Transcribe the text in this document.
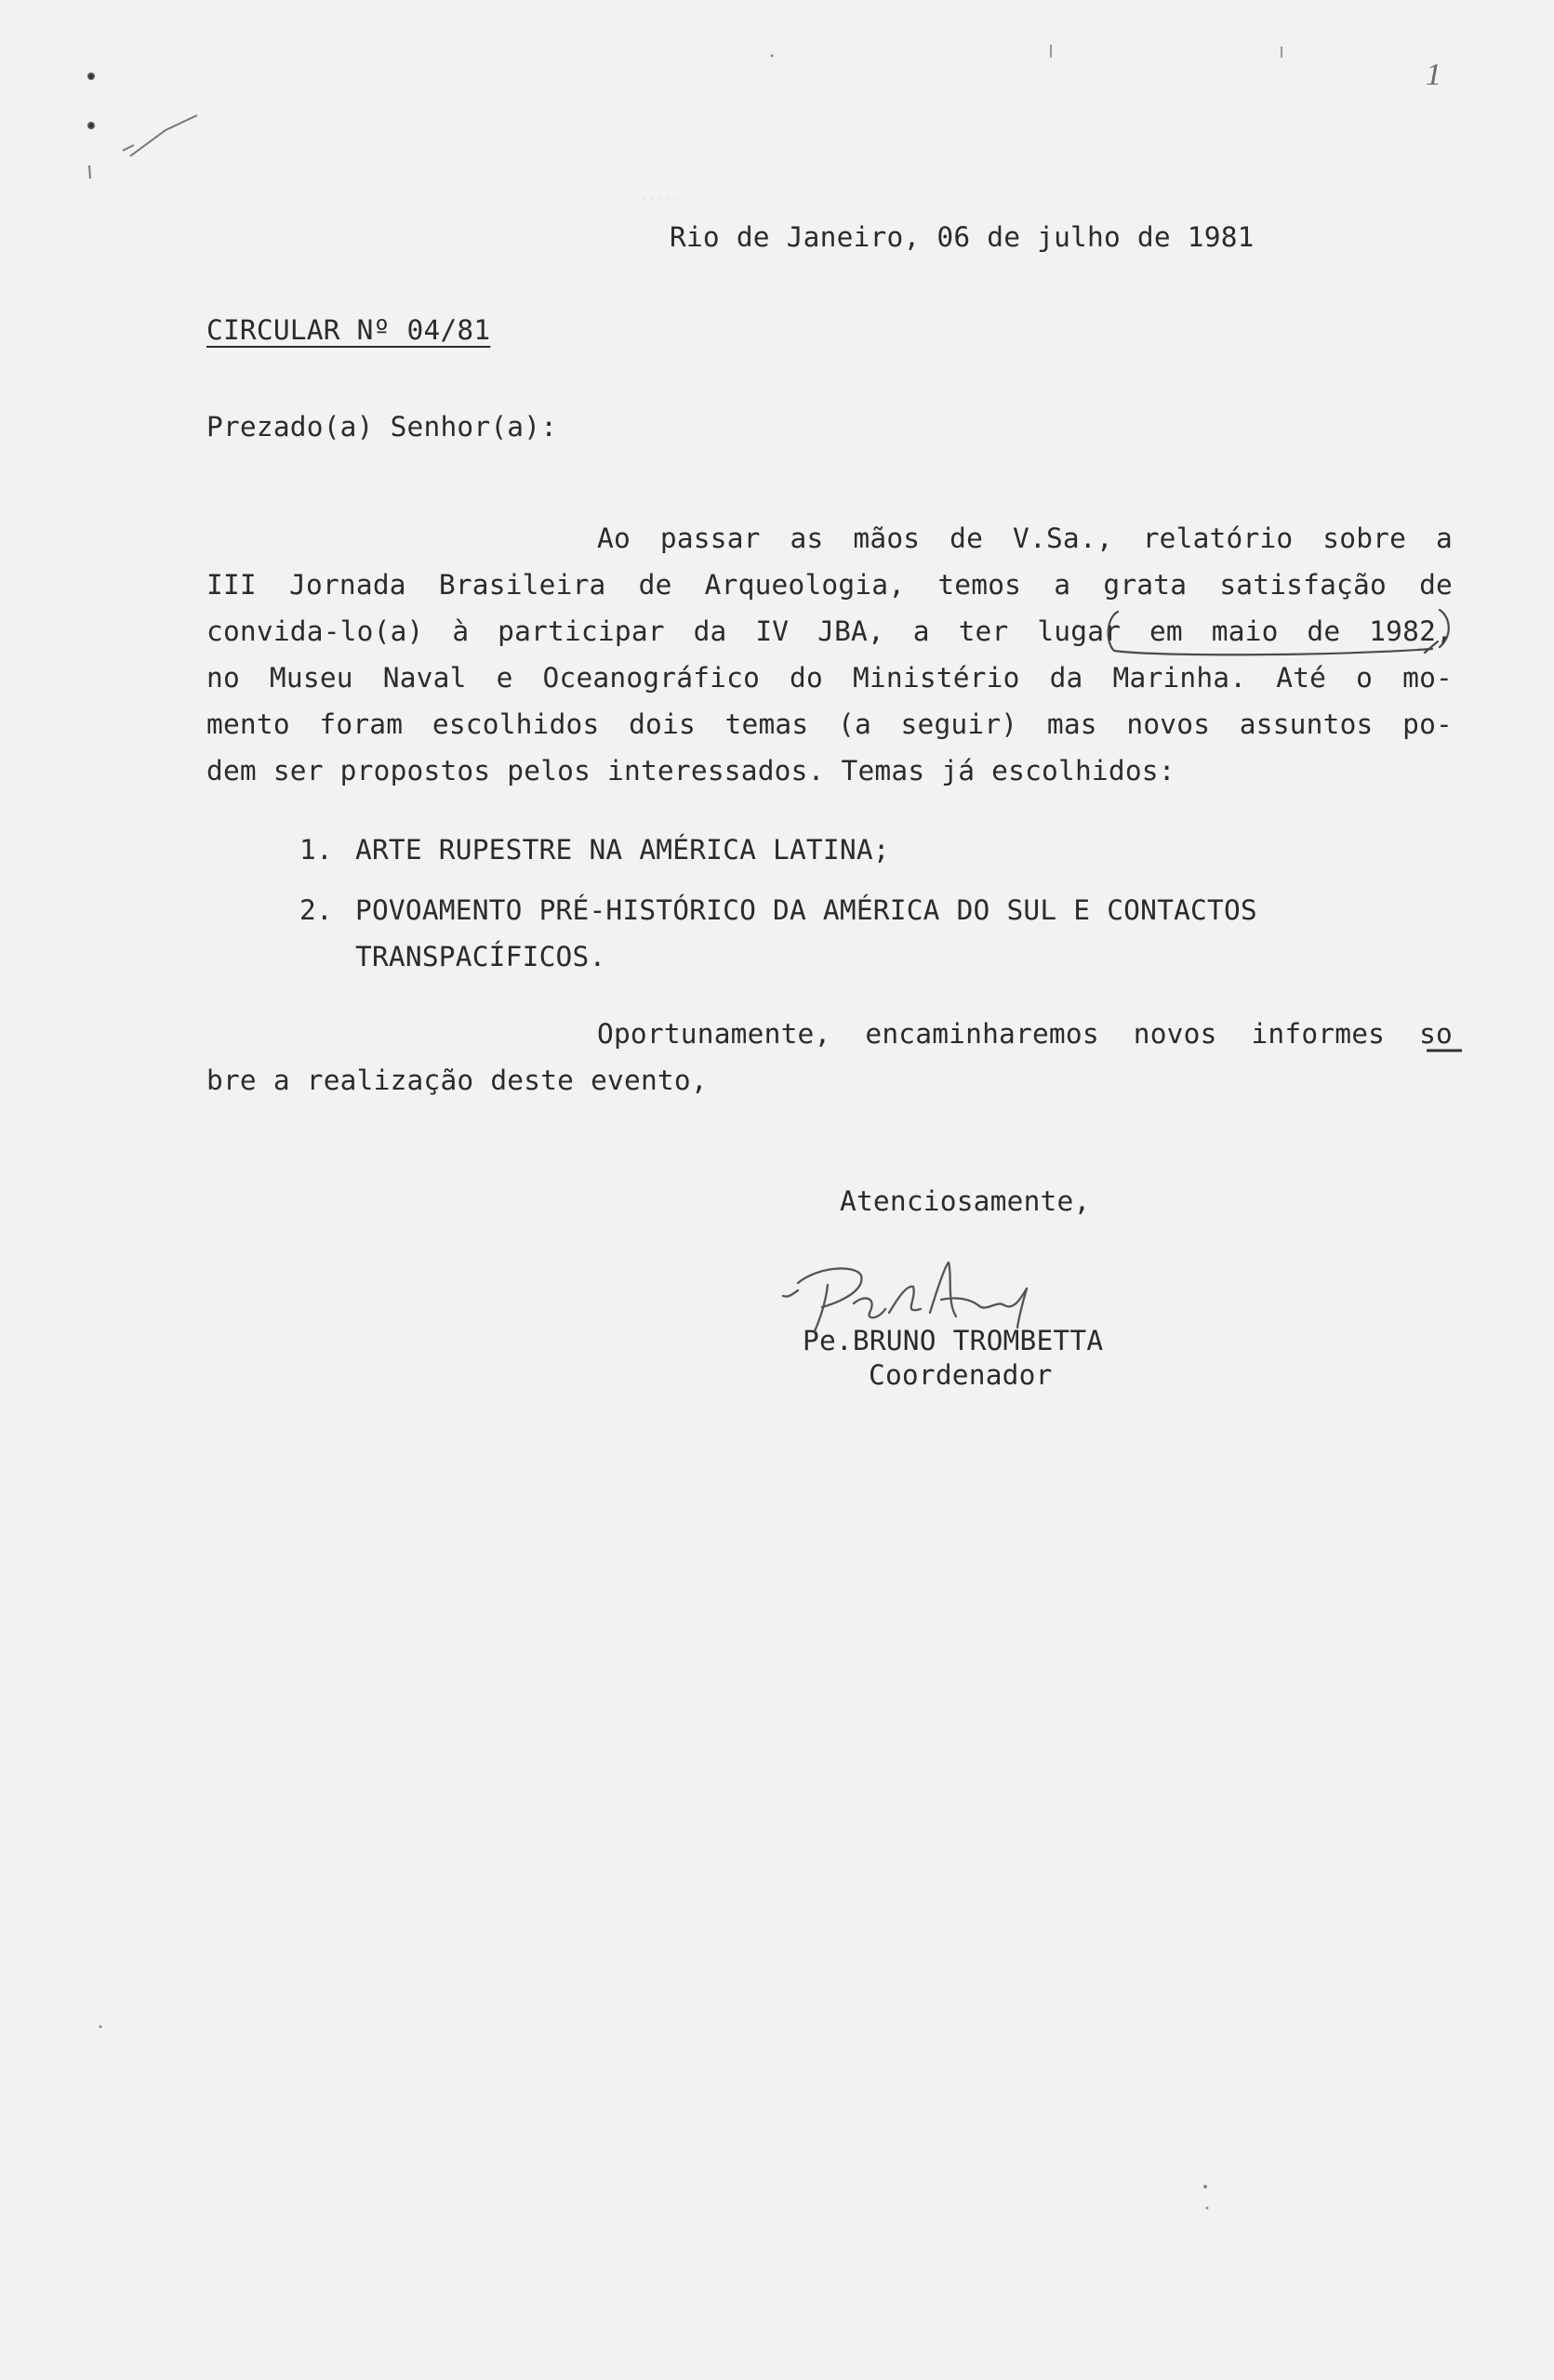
1
· · · · ·
Rio de Janeiro, 06 de julho de 1981
CIRCULAR Nº 04/81
Prezado(a) Senhor(a):
Ao passar as mãos de V.Sa., relatório sobre a
III Jornada Brasileira de Arqueologia, temos a grata satisfação de
convida-lo(a) à participar da IV JBA, a ter lugar em maio de 1982,
no Museu Naval e Oceanográfico do Ministério da Marinha. Até o mo-
mento foram escolhidos dois temas (a seguir) mas novos assuntos po-
dem ser propostos pelos interessados. Temas já escolhidos:
1. ARTE RUPESTRE NA AMÉRICA LATINA;
2. POVOAMENTO PRÉ-HISTÓRICO DA AMÉRICA DO SUL E CONTACTOS
TRANSPACÍFICOS.
Oportunamente, encaminharemos novos informes so
bre a realização deste evento,
Atenciosamente,
Pe.BRUNO TROMBETTA
Coordenador
